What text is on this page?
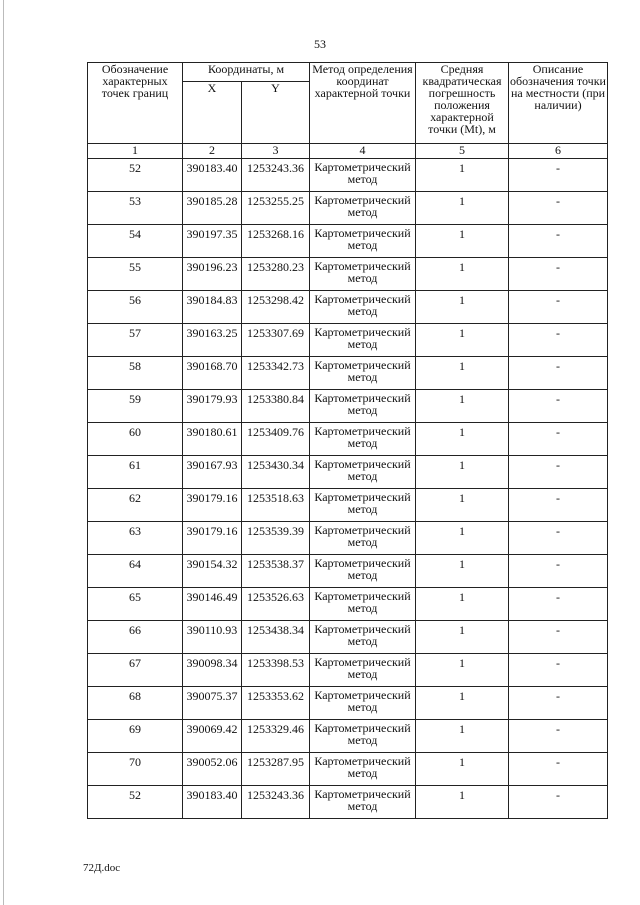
53
Обозначение характерных точек границ	Координаты, м		Метод определения координат характерной точки	Средняя квадратическая погрешность положения характерной точки (Mt), м	Описание обозначения точки на местности (при наличии)
	X	Y			
1	2	3	4	5	6
52	390183.40	1253243.36	Картометрический метод	1	-
53	390185.28	1253255.25	Картометрический метод	1	-
54	390197.35	1253268.16	Картометрический метод	1	-
55	390196.23	1253280.23	Картометрический метод	1	-
56	390184.83	1253298.42	Картометрический метод	1	-
57	390163.25	1253307.69	Картометрический метод	1	-
58	390168.70	1253342.73	Картометрический метод	1	-
59	390179.93	1253380.84	Картометрический метод	1	-
60	390180.61	1253409.76	Картометрический метод	1	-
61	390167.93	1253430.34	Картометрический метод	1	-
62	390179.16	1253518.63	Картометрический метод	1	-
63	390179.16	1253539.39	Картометрический метод	1	-
64	390154.32	1253538.37	Картометрический метод	1	-
65	390146.49	1253526.63	Картометрический метод	1	-
66	390110.93	1253438.34	Картометрический метод	1	-
67	390098.34	1253398.53	Картометрический метод	1	-
68	390075.37	1253353.62	Картометрический метод	1	-
69	390069.42	1253329.46	Картометрический метод	1	-
70	390052.06	1253287.95	Картометрический метод	1	-
52	390183.40	1253243.36	Картометрический метод	1	-
72Д.doc
